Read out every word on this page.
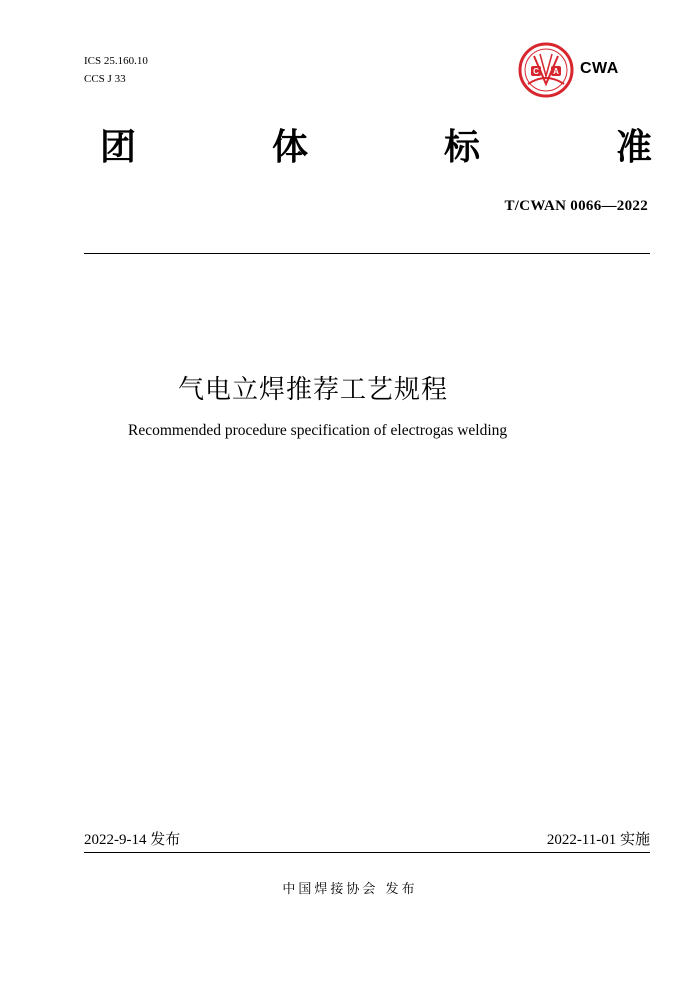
ICS 25.160.10
CCS J 33
C A CWA
团	体	标	准
T/CWAN 0066—2022
气电立焊推荐工艺规程
Recommended procedure specification of electrogas welding
2022-9-14 发布	2022-11-01 实施
中国焊接协会 发布
